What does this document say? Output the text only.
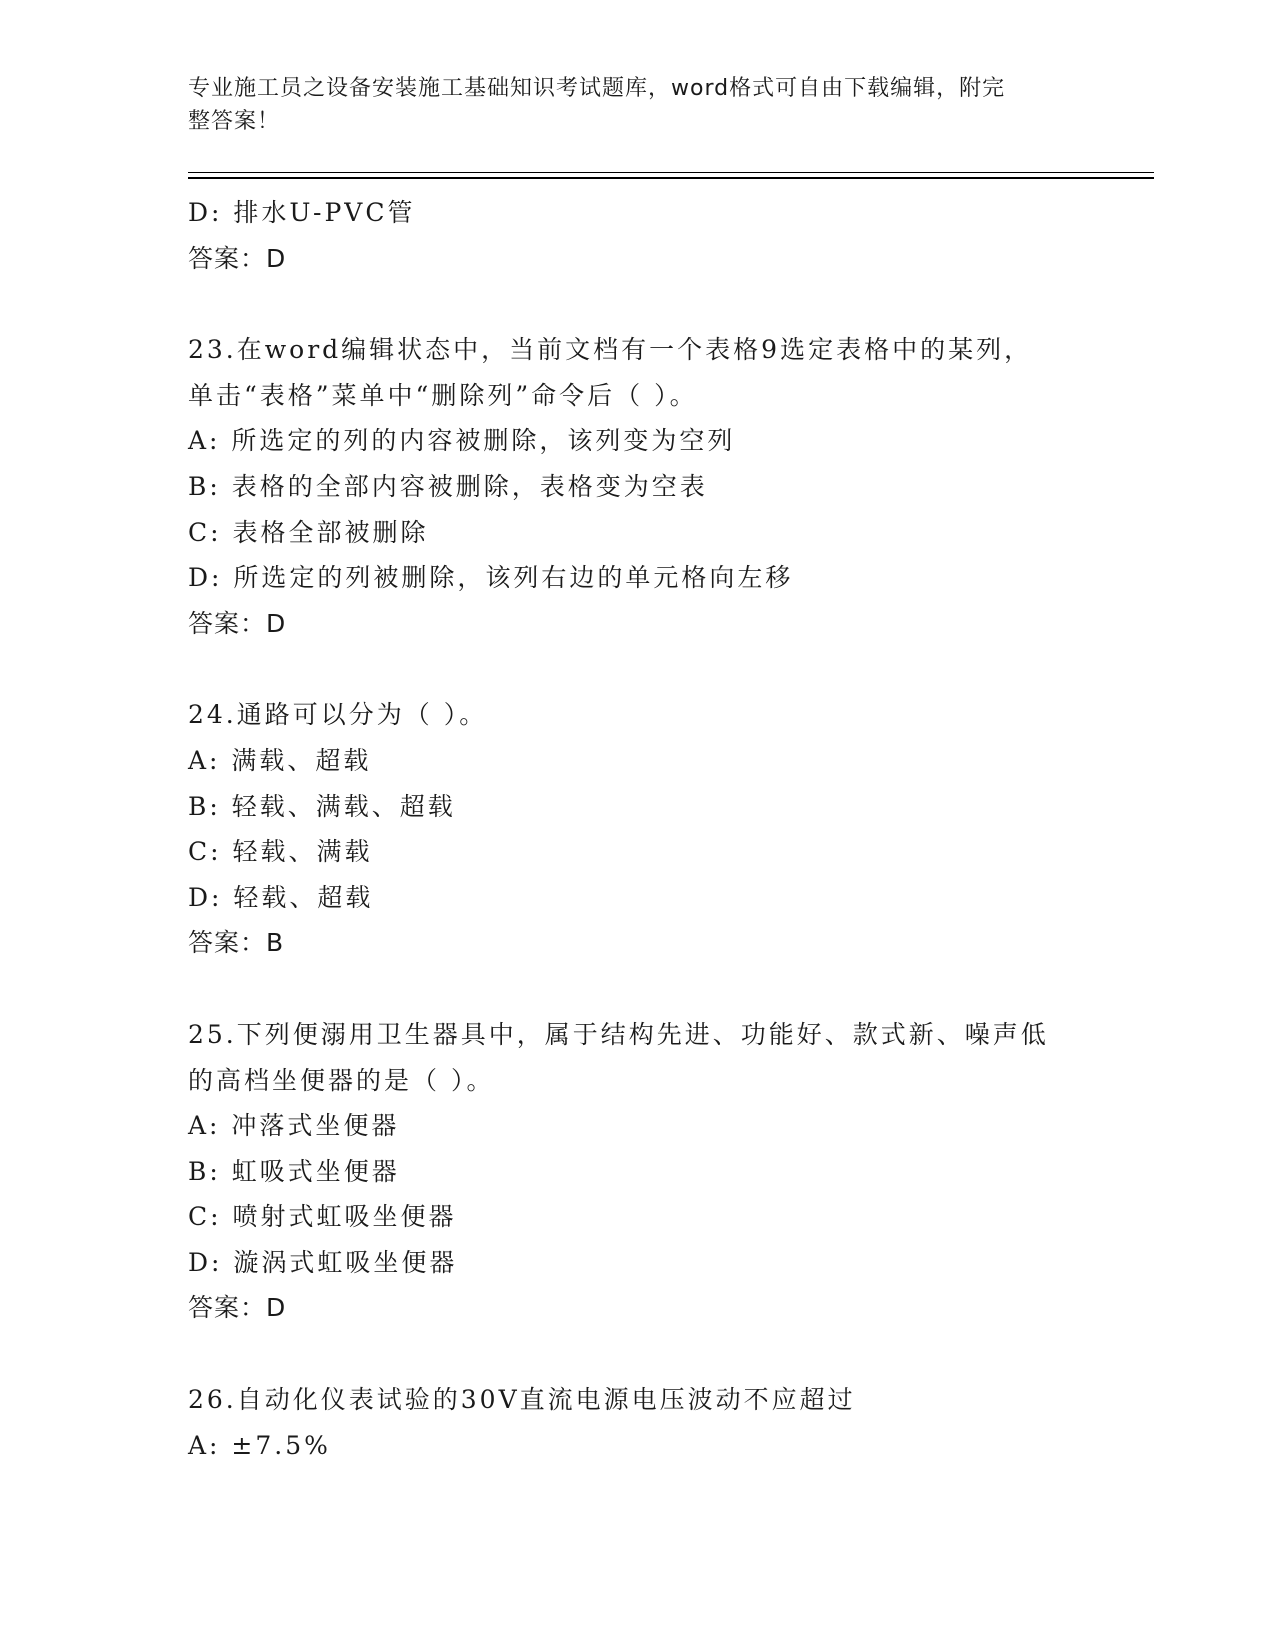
专业施工员之设备安装施工基础知识考试题库，word格式可自由下载编辑，附完
整答案！
D: 排水U-PVC管
答案：D
23.在word编辑状态中，当前文档有一个表格9选定表格中的某列，
单击“表格”菜单中“删除列”命令后（ ）。
A: 所选定的列的内容被删除，该列变为空列
B: 表格的全部内容被删除，表格变为空表
C: 表格全部被删除
D: 所选定的列被删除，该列右边的单元格向左移
答案：D
24.通路可以分为（ ）。
A: 满载、超载
B: 轻载、满载、超载
C: 轻载、满载
D: 轻载、超载
答案：B
25.下列便溺用卫生器具中，属于结构先进、功能好、款式新、噪声低
的高档坐便器的是（ ）。
A: 冲落式坐便器
B: 虹吸式坐便器
C: 喷射式虹吸坐便器
D: 漩涡式虹吸坐便器
答案：D
26.自动化仪表试验的30V直流电源电压波动不应超过
A: ±7.5%
